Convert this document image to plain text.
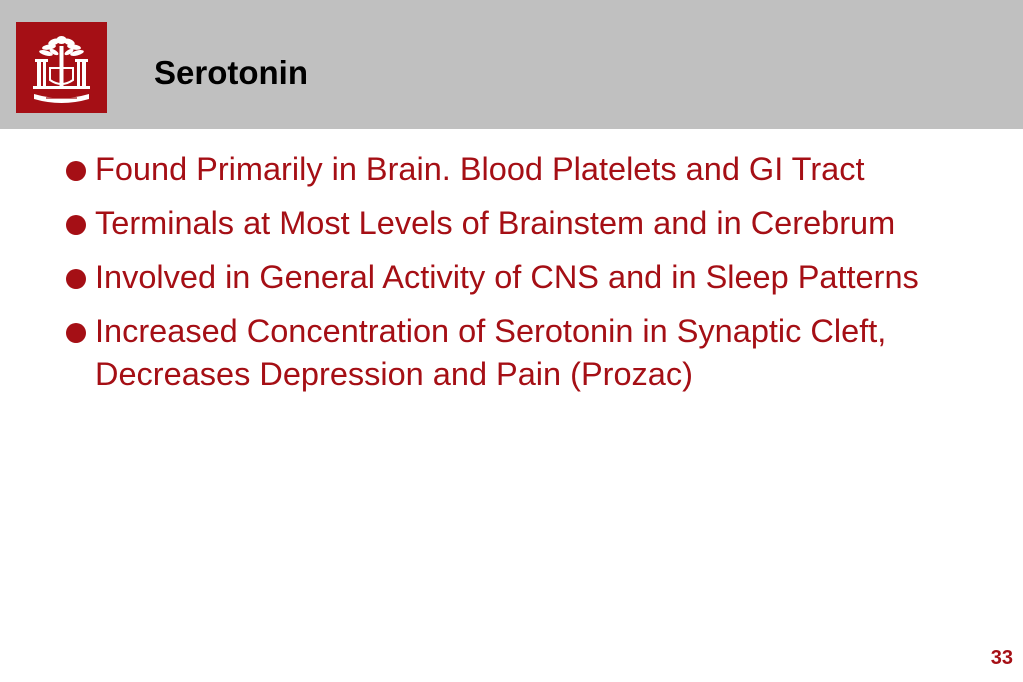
Serotonin
Found Primarily in Brain. Blood Platelets and GI Tract
Terminals at Most Levels of Brainstem and in Cerebrum
Involved in General Activity of CNS and in Sleep Patterns
Increased Concentration of Serotonin in Synaptic Cleft, Decreases Depression and Pain (Prozac)
33
